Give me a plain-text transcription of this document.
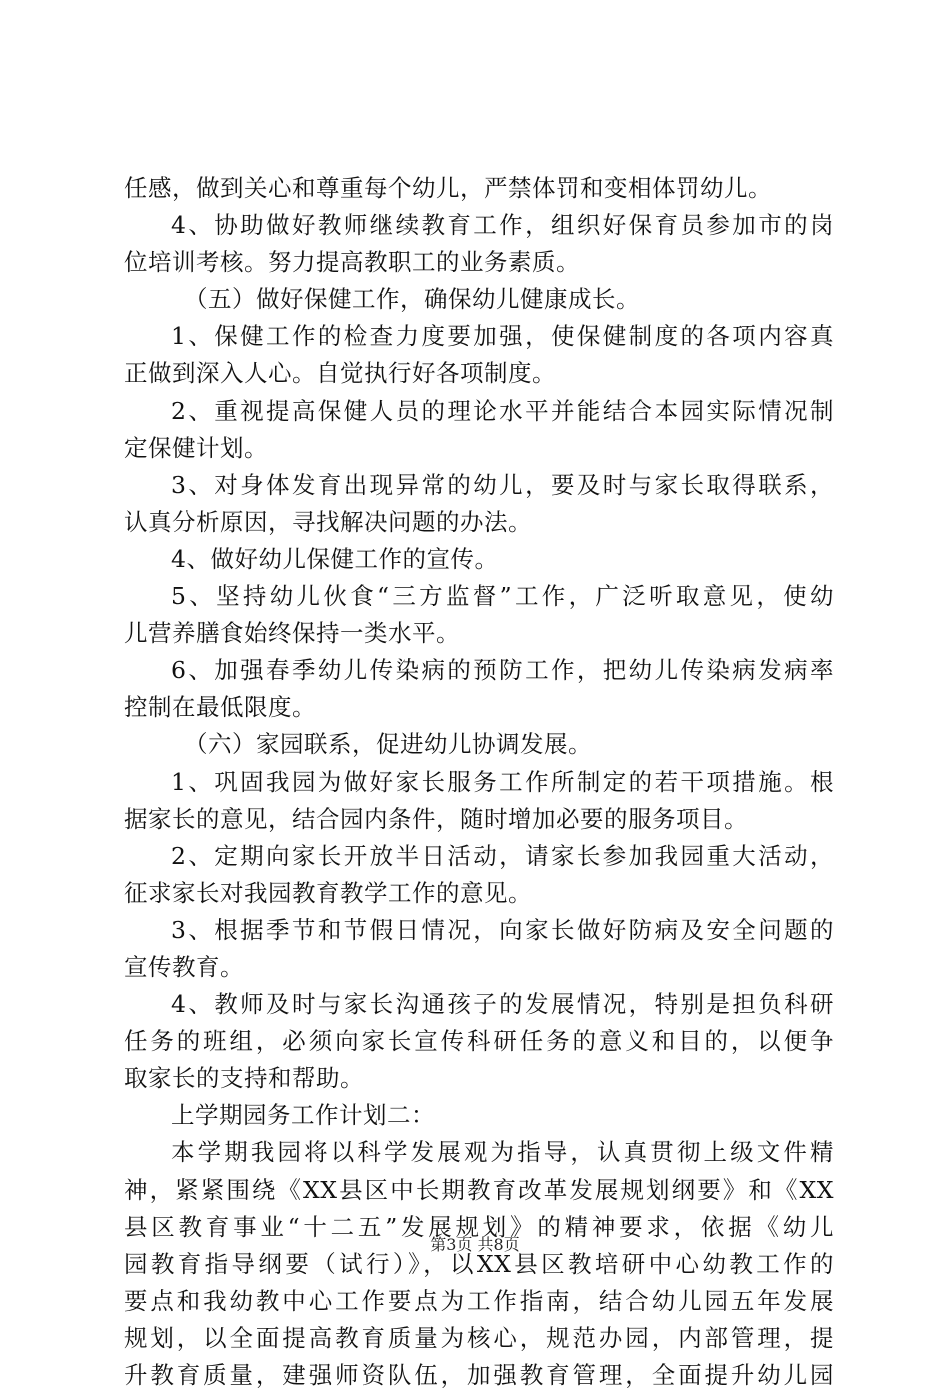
任感，做到关心和尊重每个幼儿，严禁体罚和变相体罚幼儿。
4、协助做好教师继续教育工作，组织好保育员参加市的岗
位培训考核。努力提高教职工的业务素质。
（五）做好保健工作，确保幼儿健康成长。
1、保健工作的检查力度要加强，使保健制度的各项内容真
正做到深入人心。自觉执行好各项制度。
2、重视提高保健人员的理论水平并能结合本园实际情况制
定保健计划。
3、对身体发育出现异常的幼儿，要及时与家长取得联系，
认真分析原因，寻找解决问题的办法。
4、做好幼儿保健工作的宣传。
5、坚持幼儿伙食“三方监督”工作，广泛听取意见，使幼
儿营养膳食始终保持一类水平。
6、加强春季幼儿传染病的预防工作，把幼儿传染病发病率
控制在最低限度。
（六）家园联系，促进幼儿协调发展。
1、巩固我园为做好家长服务工作所制定的若干项措施。根
据家长的意见，结合园内条件，随时增加必要的服务项目。
2、定期向家长开放半日活动，请家长参加我园重大活动，
征求家长对我园教育教学工作的意见。
3、根据季节和节假日情况，向家长做好防病及安全问题的
宣传教育。
4、教师及时与家长沟通孩子的发展情况，特别是担负科研
任务的班组，必须向家长宣传科研任务的意义和目的，以便争
取家长的支持和帮助。
上学期园务工作计划二：
本学期我园将以科学发展观为指导，认真贯彻上级文件精
神，紧紧围绕《XX县区中长期教育改革发展规划纲要》和《XX
县区教育事业“十二五”发展规划》的精神要求，依据《幼儿
园教育指导纲要（试行）》，以XX县区教培研中心幼教工作的
要点和我幼教中心工作要点为工作指南，结合幼儿园五年发展
规划，以全面提高教育质量为核心，规范办园，内部管理，提
升教育质量，建强师资队伍，加强教育管理，全面提升幼儿园
第3页 共8页
